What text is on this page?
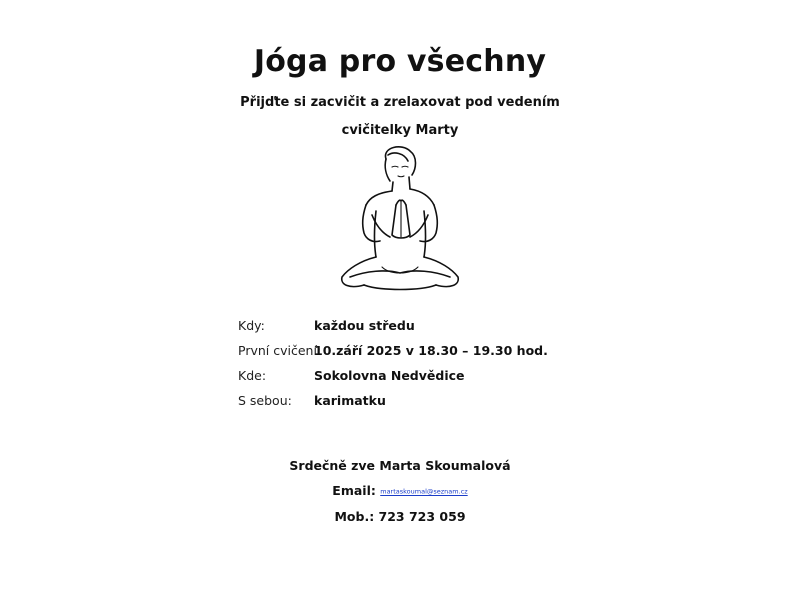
Jóga pro všechny
Přijďte si zacvičit a zrelaxovat pod vedením
cvičitelky Marty
Kdy:	každou středu
První cvičení:
10.září 2025 v 18.30 – 19.30 hod.
Kde:	Sokolovna Nedvědice
S sebou: karimatku
Srdečně zve Marta Skoumalová
Email: martaskoumal@seznam.cz
Mob.: 723 723 059
